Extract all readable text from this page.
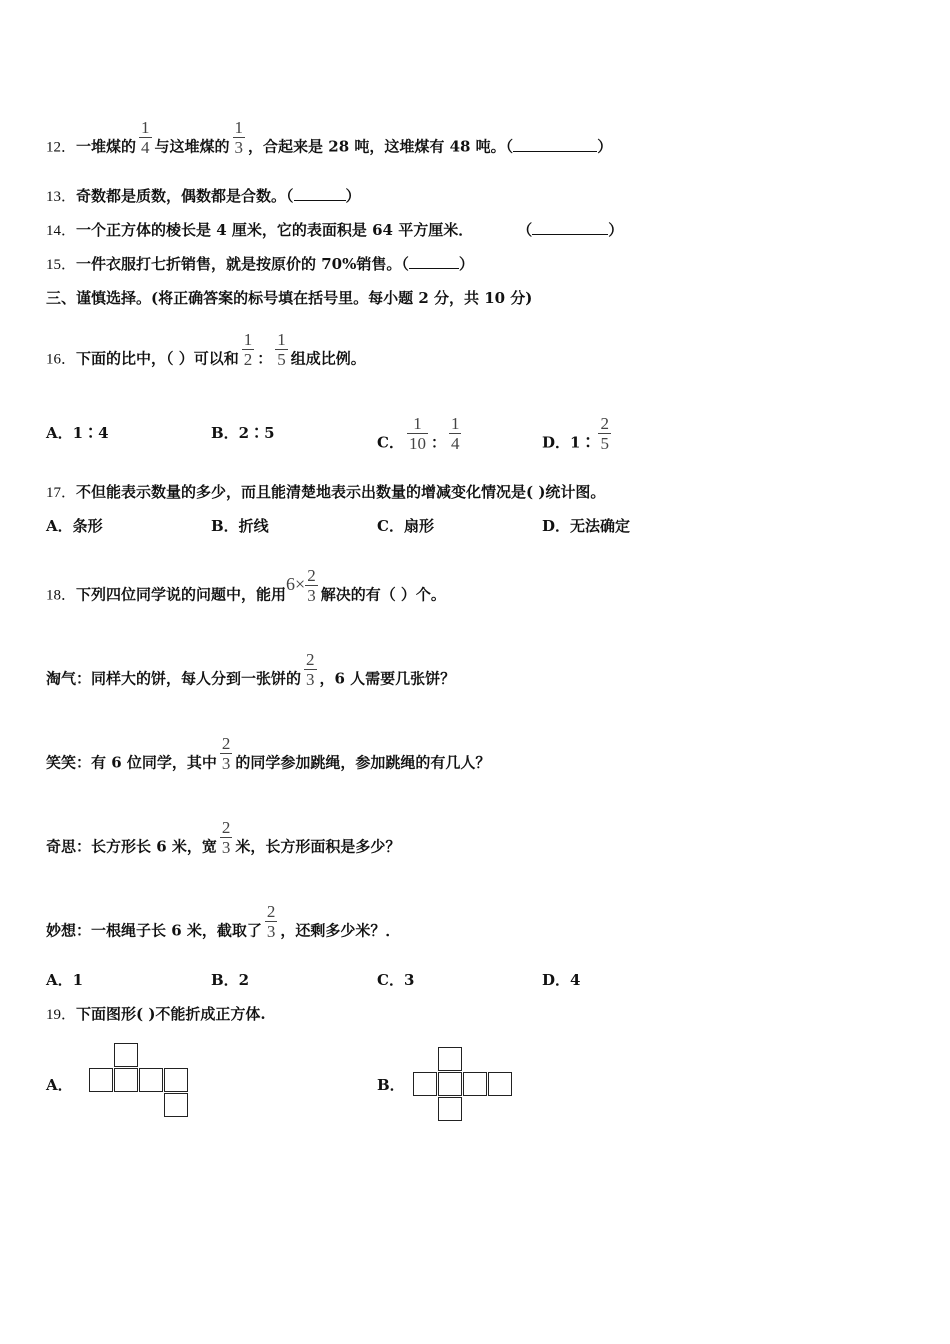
12．一堆煤的 $\frac{1}{4}$ 与这堆煤的 $\frac{1}{3}$ ，合起来是 28 吨，这堆煤有 48 吨。（	）
13．奇数都是质数，偶数都是合数。（	）
14．一个正方体的棱长是 4 厘米，它的表面积是 64 平方厘米．	（	）
15．一件衣服打七折销售，就是按原价的 70%销售。（	）
三、谨慎选择。(将正确答案的标号填在括号里。每小题 2 分，共 10 分)
16．下面的比中，（ ）可以和 $\frac{1}{2}$ ： $\frac{1}{5}$ 组成比例。
A．1∶4	B．2∶5
C． $\frac{1}{10}$ ： $\frac{1}{4}$	D．1∶ $\frac{2}{5}$
17．不但能表示数量的多少，而且能清楚地表示出数量的增减变化情况是( )统计图。
A．条形	B．折线	C．扇形	D．无法确定
18．下列四位同学说的问题中，能用$6\times \frac{2}{3}$ 解决的有（ ）个。
淘气：同样大的饼，每人分到一张饼的 $\frac{2}{3}$ ，6 人需要几张饼？
笑笑：有 6 位同学，其中 $\frac{2}{3}$ 的同学参加跳绳，参加跳绳的有几人？
奇思：长方形长 6 米，宽 $\frac{2}{3}$ 米，长方形面积是多少？
妙想：一根绳子长 6 米，截取了 $\frac{2}{3}$ ，还剩多少米？．
A．1	B．2	C．3	D．4
19．下面图形( )不能折成正方体.
A．	B．
